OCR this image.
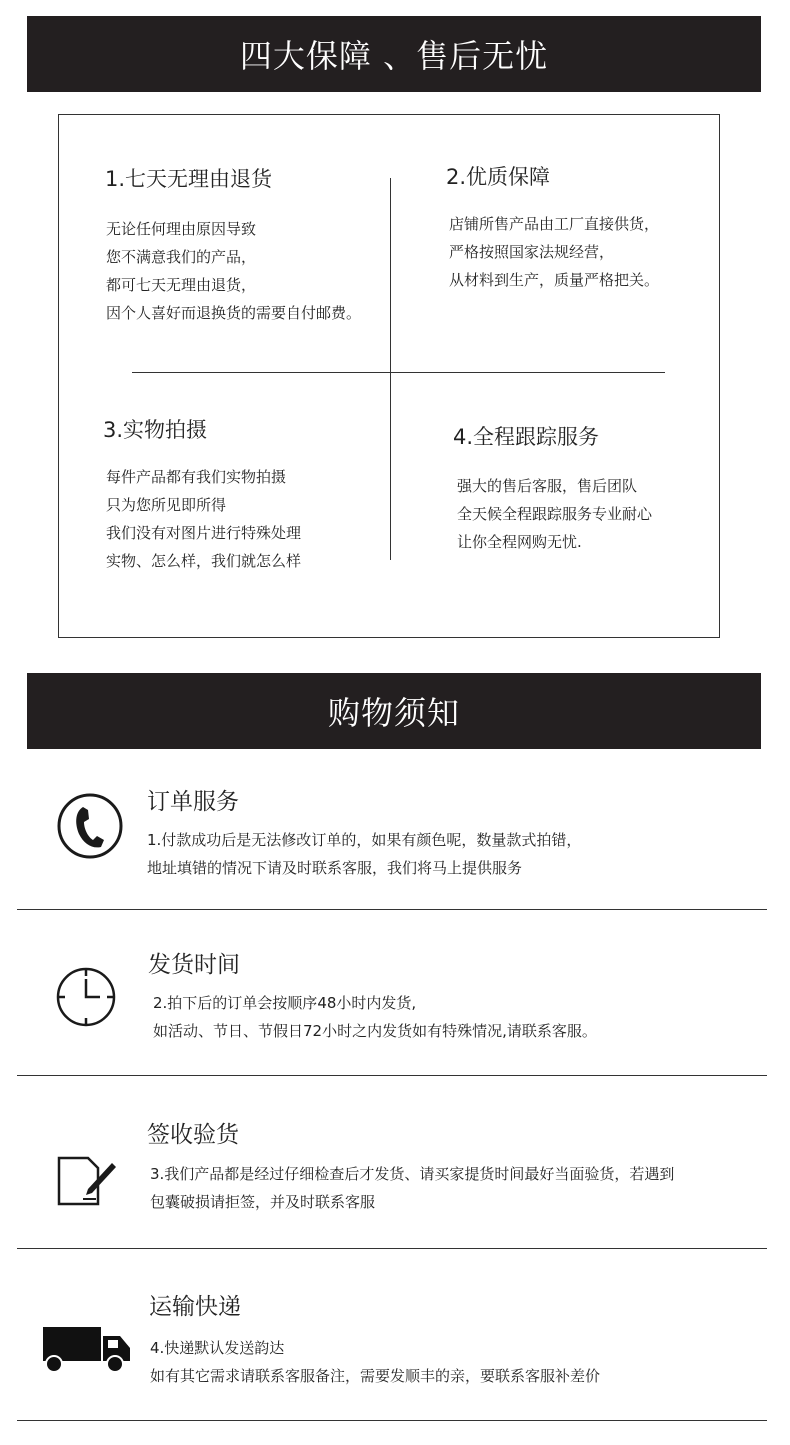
四大保障 、售后无忧
1.七天无理由退货
无论任何理由原因导致
您不满意我们的产品，
都可七天无理由退货，
因个人喜好而退换货的需要自付邮费。
2.优质保障
店铺所售产品由工厂直接供货，
严格按照国家法规经营，
从材料到生产，质量严格把关。
3.实物拍摄
每件产品都有我们实物拍摄
只为您所见即所得
我们没有对图片进行特殊处理
实物、怎么样，我们就怎么样
4.全程跟踪服务
强大的售后客服，售后团队
全天候全程跟踪服务专业耐心
让你全程网购无忧.
购物须知
订单服务
1.付款成功后是无法修改订单的，如果有颜色呢，数量款式拍错，
地址填错的情况下请及时联系客服，我们将马上提供服务
发货时间
2.拍下后的订单会按顺序48小时内发货,
如活动、节日、节假日72小时之内发货如有特殊情况,请联系客服。
签收验货
3.我们产品都是经过仔细检查后才发货、请买家提货时间最好当面验货，若遇到
包囊破损请拒签，并及时联系客服
运输快递
4.快递默认发送韵达
如有其它需求请联系客服备注，需要发顺丰的亲，要联系客服补差价
